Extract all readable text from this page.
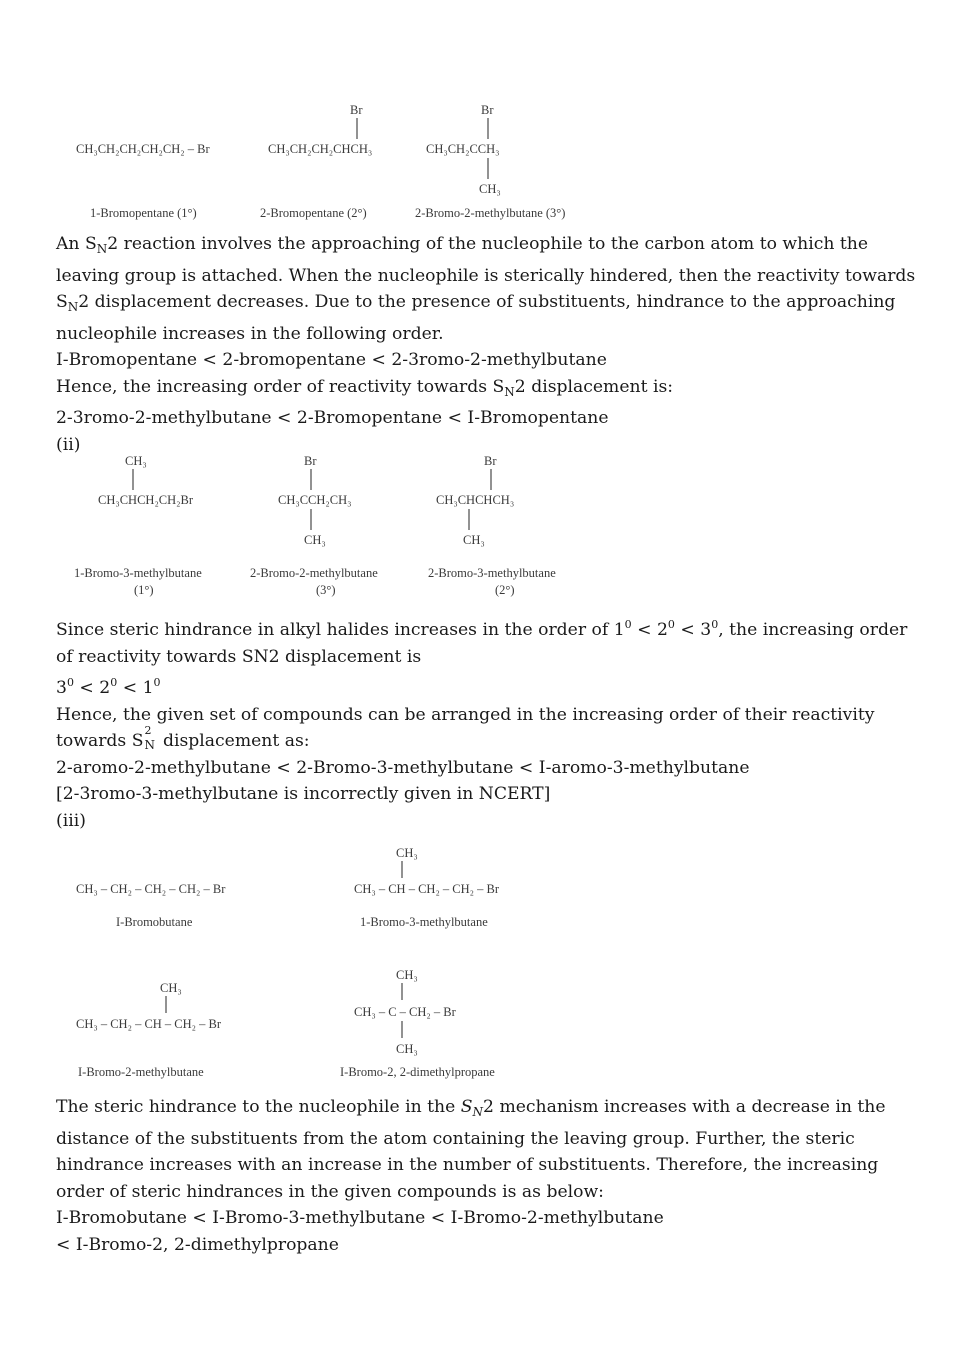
CH₃CH₂CH₂CH₂CH₂ – Br
Br
CH₃CH₂CH₂CHCH₃
Br
CH₃CH₂CCH₃
CH₃
1-Bromopentane (1°)	2-Bromopentane (2°)	2-Bromo-2-methylbutane (3°)

An $S_N2$ reaction involves the approaching of the nucleophile to the carbon atom to which the

leaving group is attached. When the nucleophile is sterically hindered, then the reactivity towards

$S_N2$ displacement decreases. Due to the presence of substituents, hindrance to the approaching

nucleophile increases in the following order.

I-Bromopentane < 2-bromopentane < 2-3romo-2-methylbutane

Hence, the increasing order of reactivity towards $S_N2$ displacement is:

2-3romo-2-methylbutane < 2-Bromopentane < I-Bromopentane

(ii)

CH₃
CH₃CHCH₂CH₂Br
Br
CH₃CCH₂CH₃
CH₃
Br
CH₃CHCHCH₃
CH₃
1-Bromo-3-methylbutane
(1°)
2-Bromo-2-methylbutane
(3°)
2-Bromo-3-methylbutane
(2°)

Since steric hindrance in alkyl halides increases in the order of $1^0 < 2^0 < 3^0$, the increasing order

of reactivity towards SN2 displacement is

$3^0 < 2^0 < 1^0$

Hence, the given set of compounds can be arranged in the increasing order of their reactivity

towards S
2
N displacement as:

2-aromo-2-methylbutane < 2-Bromo-3-methylbutane < I-aromo-3-methylbutane

[2-3romo-3-methylbutane is incorrectly given in NCERT]

(iii)

CH₃ – CH₂ – CH₂ – CH₂ – Br
I-Bromobutane
CH₃
CH₃ – CH – CH₂ – CH₂ – Br
1-Bromo-3-methylbutane
CH₃
CH₃ – CH₂ – CH – CH₂ – Br
I-Bromo-2-methylbutane
CH₃
CH₃ – C – CH₂ – Br
CH₃
I-Bromo-2, 2-dimethylpropane

The steric hindrance to the nucleophile in the $S_N2$ mechanism increases with a decrease in the

distance of the substituents from the atom containing the leaving group. Further, the steric

hindrance increases with an increase in the number of substituents. Therefore, the increasing

order of steric hindrances in the given compounds is as below:

I-Bromobutane < I-Bromo-3-methylbutane < I-Bromo-2-methylbutane

< I-Bromo-2, 2-dimethylpropane
